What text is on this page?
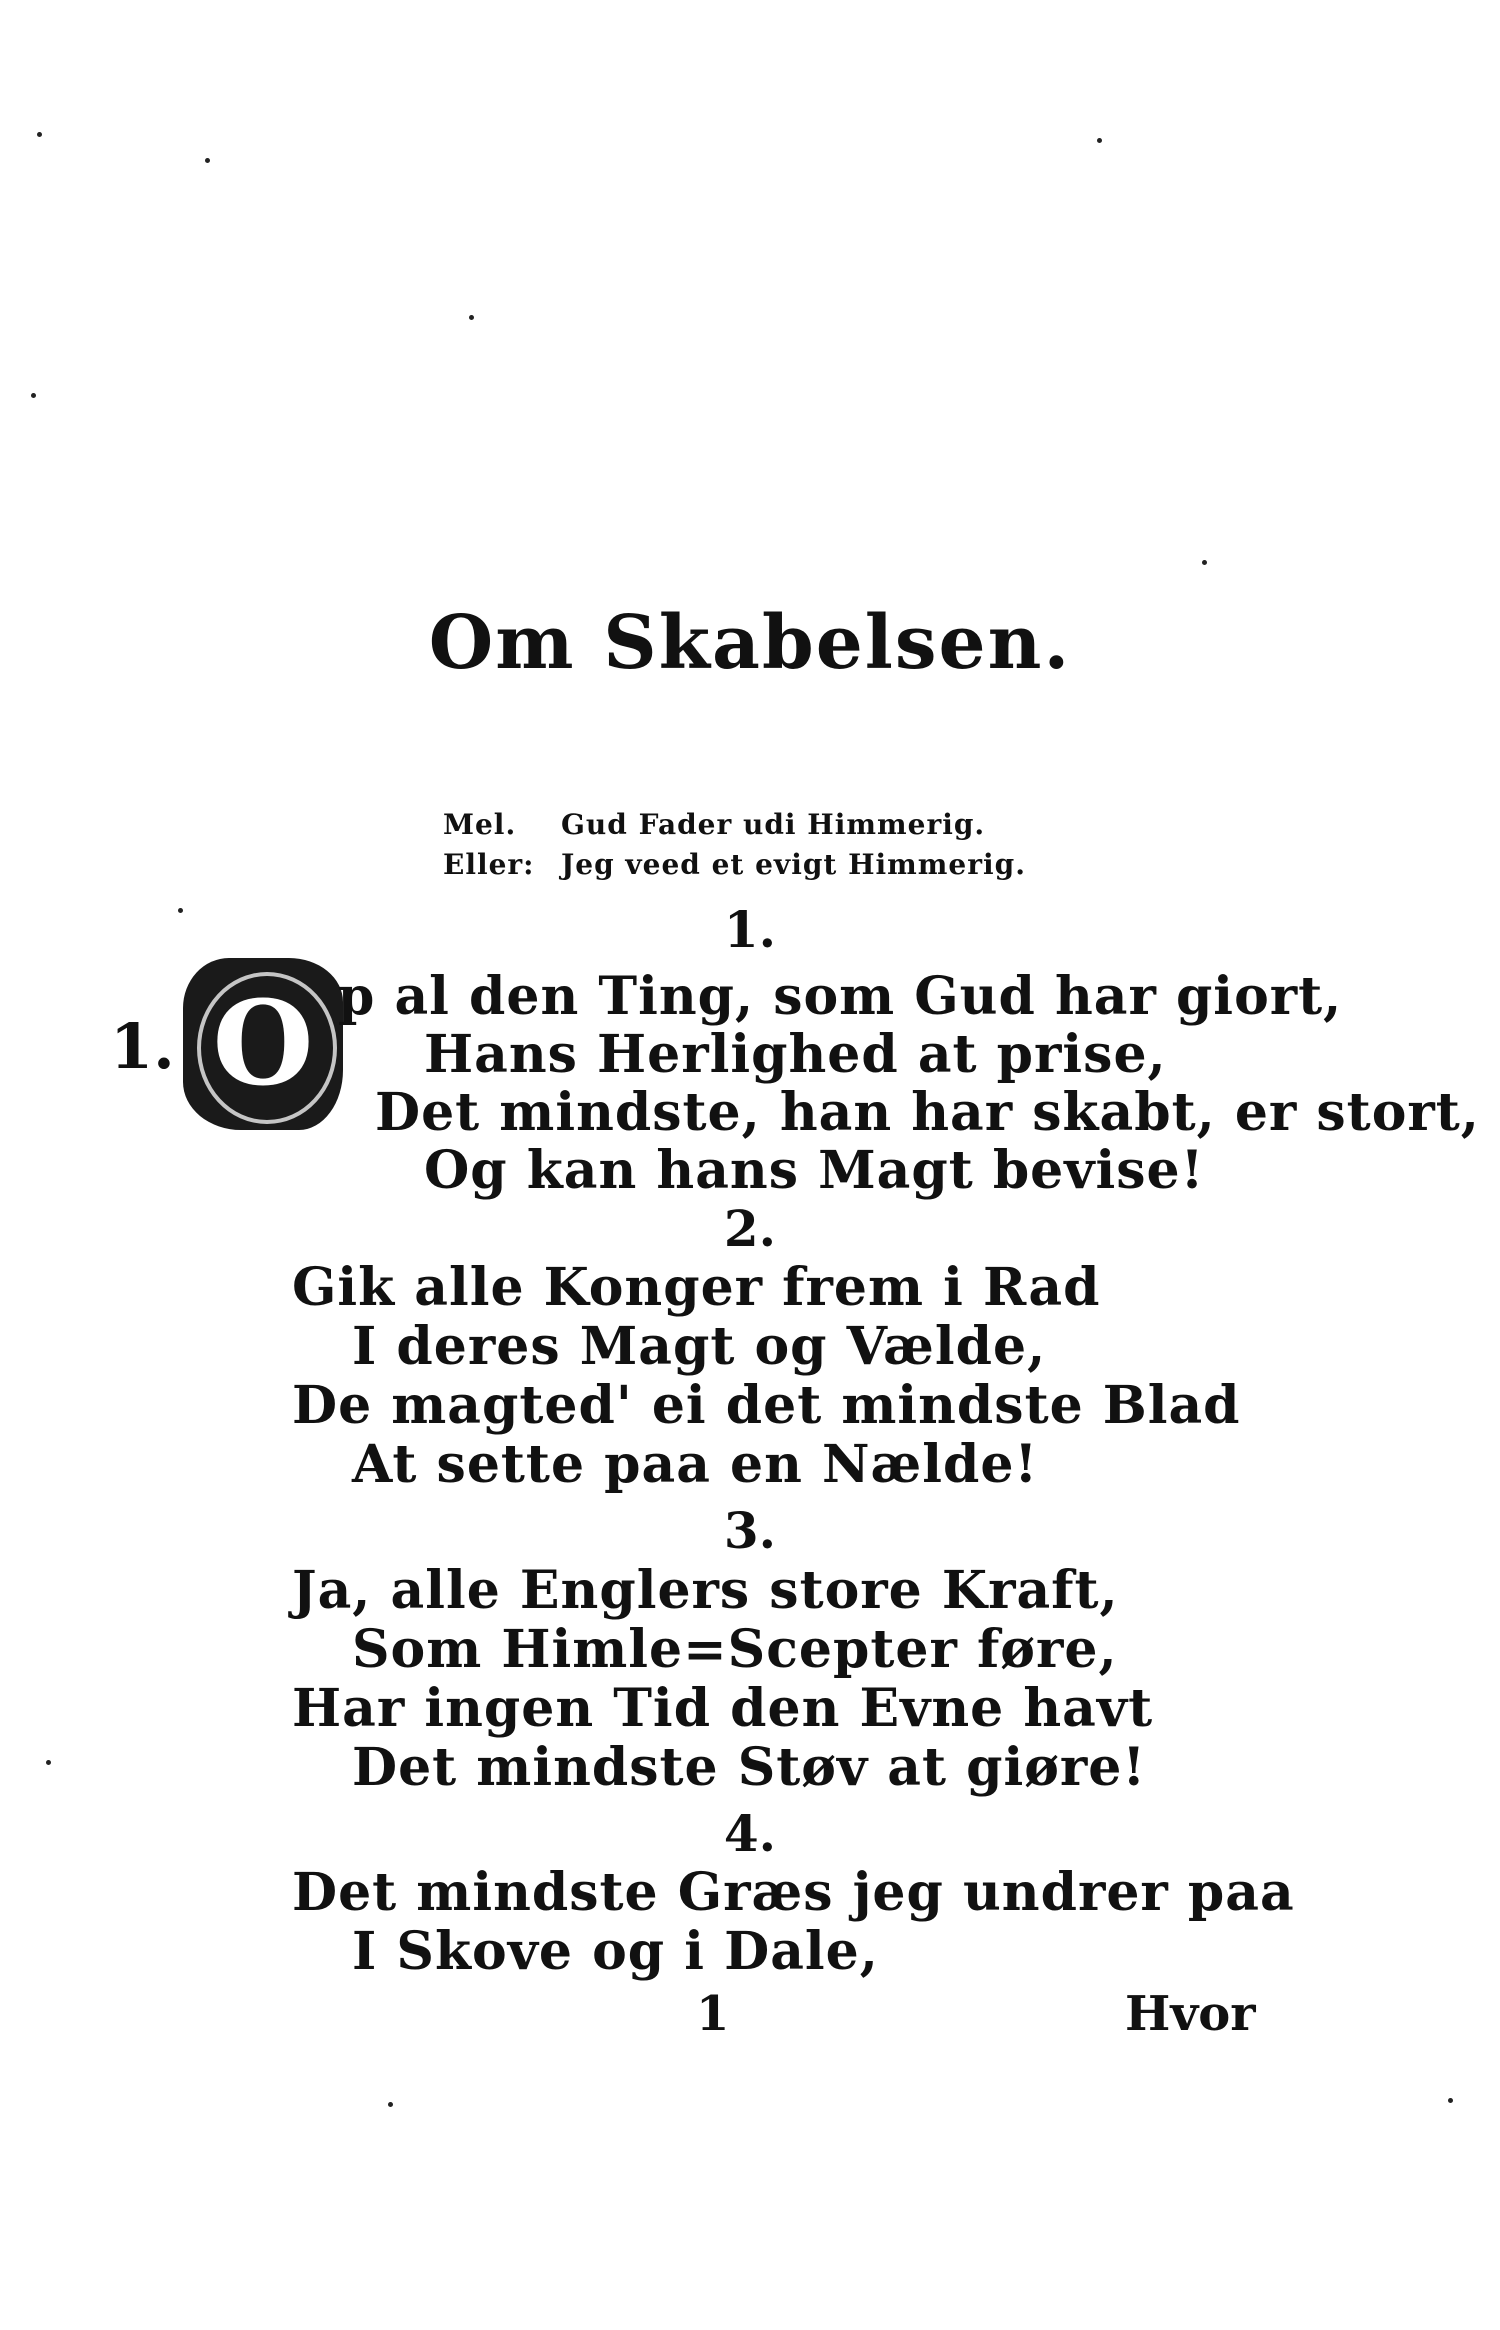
Om Skabelsen.
Mel. Gud Fader udi Himmerig.
Eller: Jeg veed et evigt Himmerig.
1.
1. O p al den Ting, som Gud har giort,
Hans Herlighed at prise,
Det mindste, han har skabt, er stort,
Og kan hans Magt bevise!
2.
Gik alle Konger frem i Rad
I deres Magt og Vælde,
De magted' ei det mindste Blad
At sette paa en Nælde!
3.
Ja, alle Englers store Kraft,
Som Himle=Scepter føre,
Har ingen Tid den Evne havt
Det mindste Støv at giøre!
4.
Det mindste Græs jeg undrer paa
I Skove og i Dale,
1	Hvor
